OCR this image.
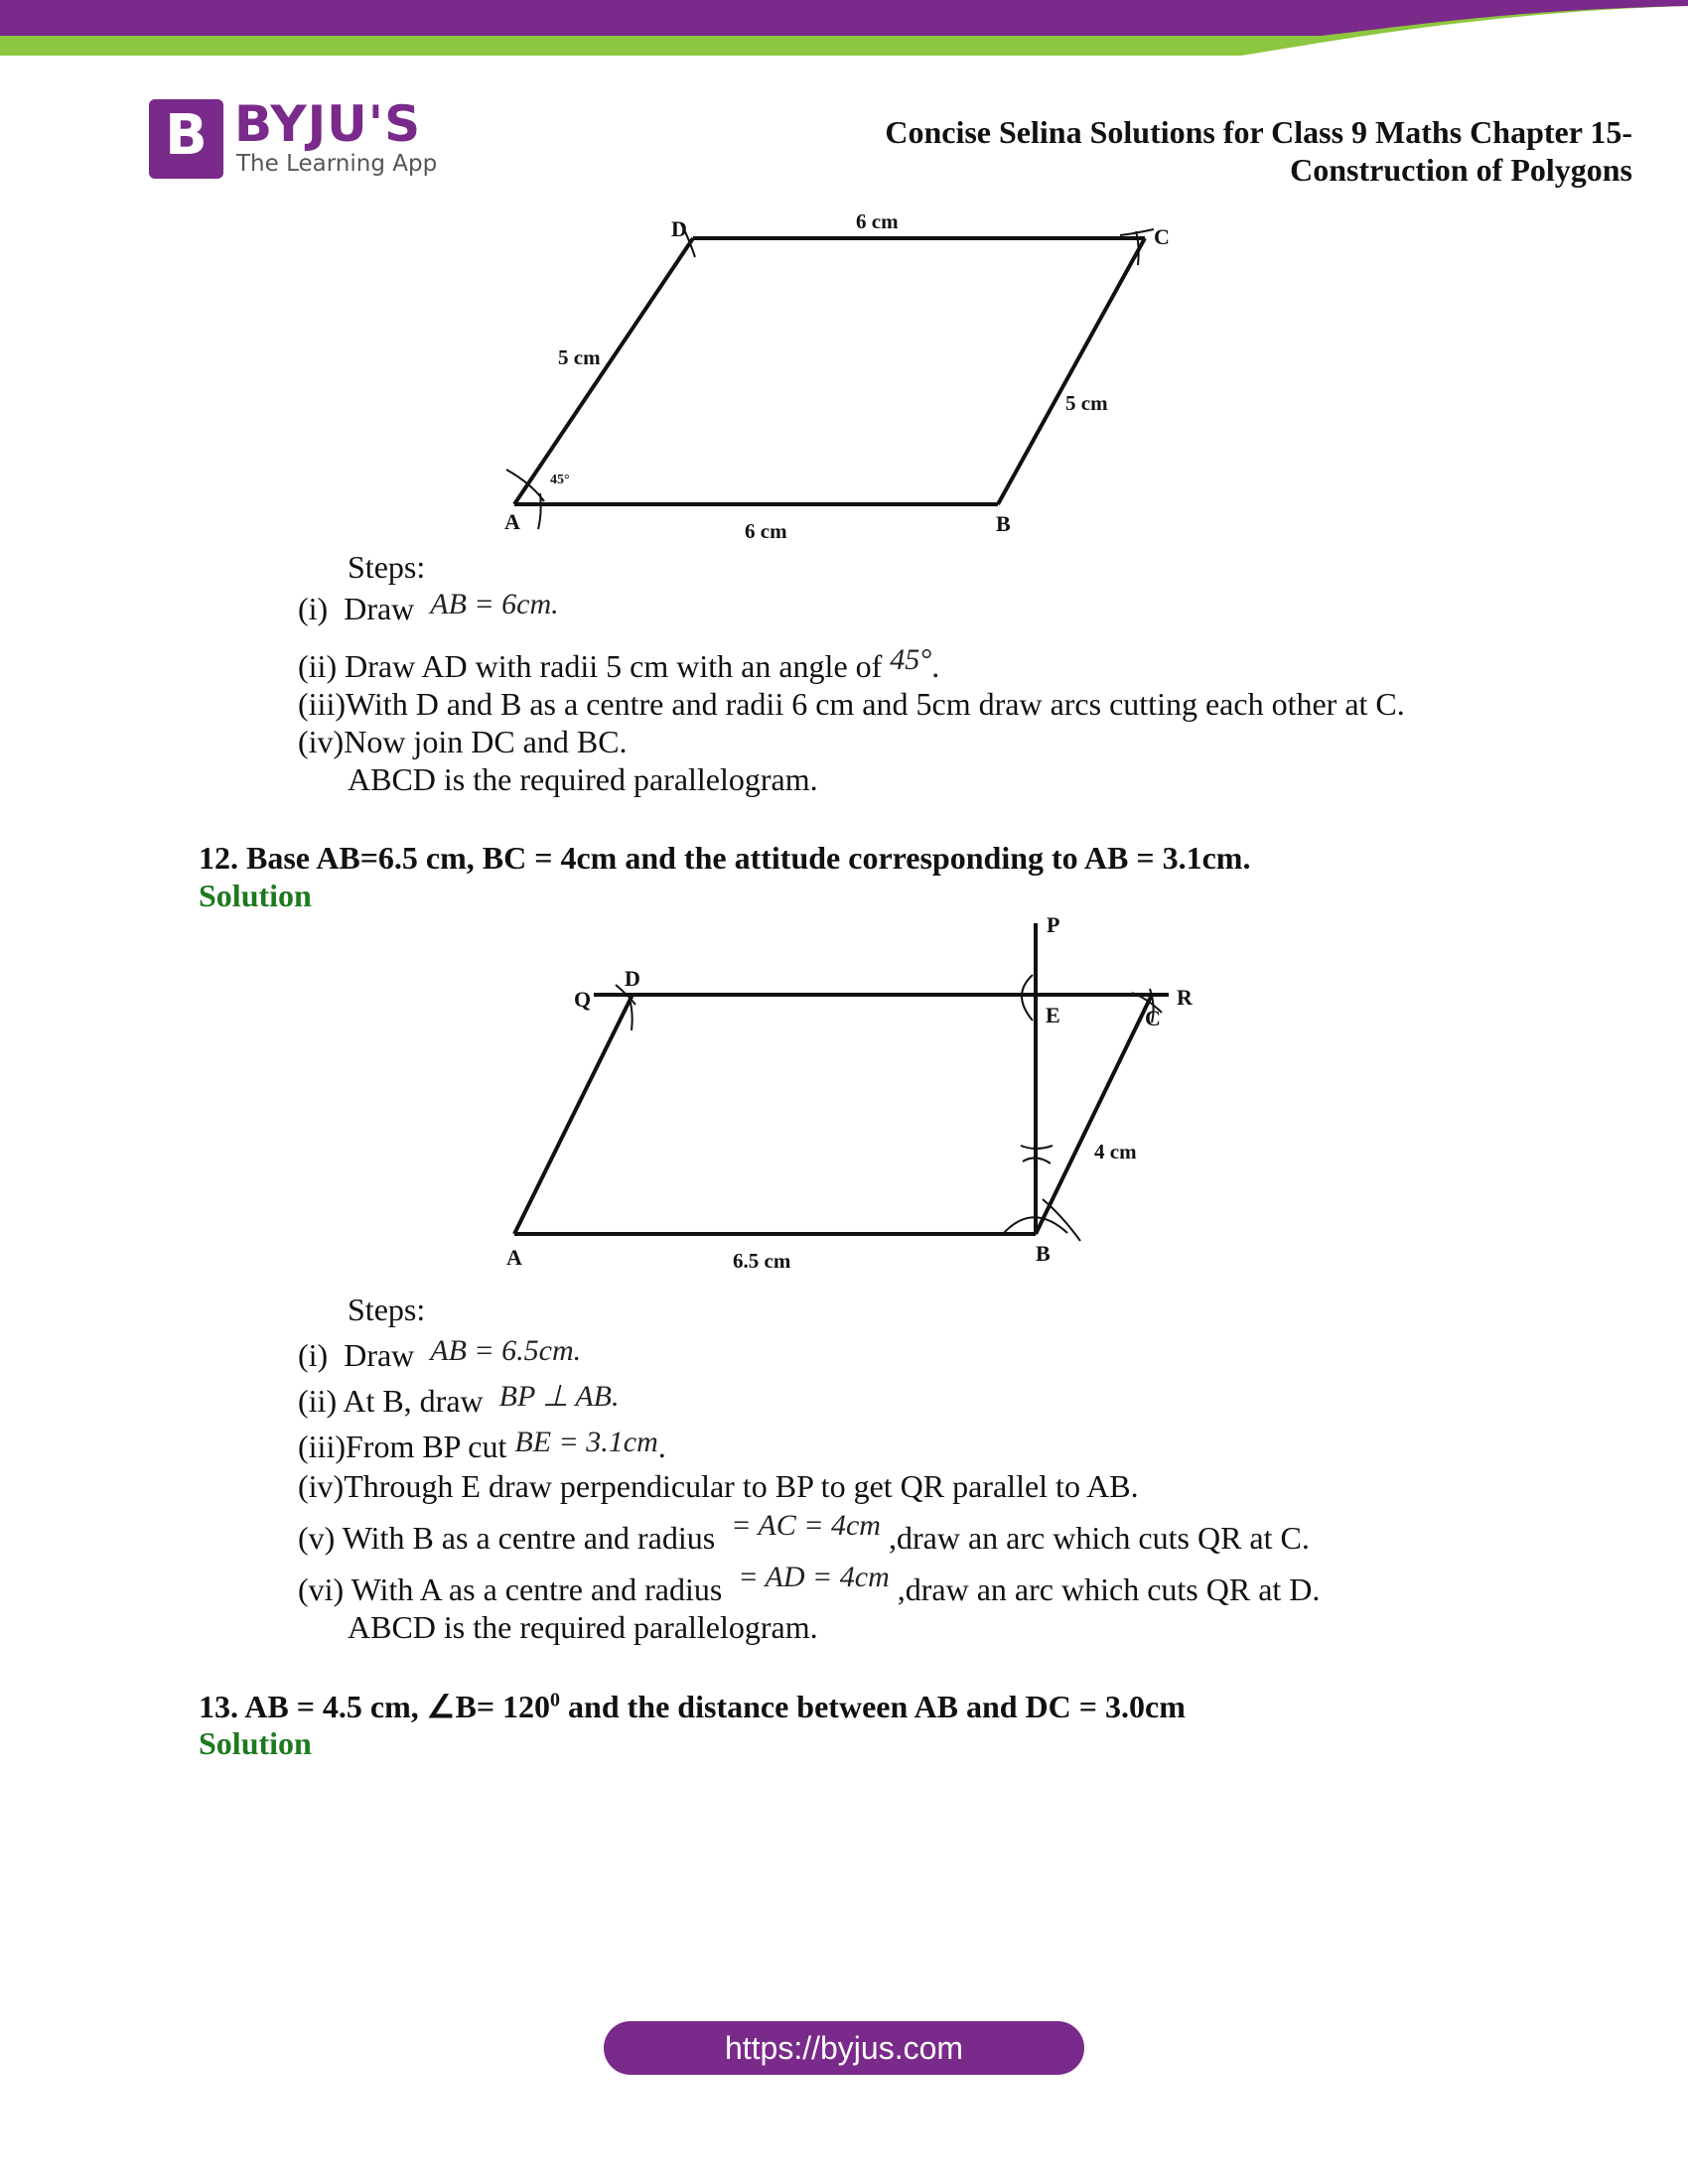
B BYJU'S
The Learning App
Concise Selina Solutions for Class 9 Maths Chapter 15-
Construction of Polygons
D	C
A	B
6 cm
5 cm
5 cm
6 cm
45°
Steps:
(i) Draw AB = 6cm.
(ii) Draw AD with radii 5 cm with an angle of 45°.
(iii)With D and B as a centre and radii 6 cm and 5cm draw arcs cutting each other at C.
(iv)Now join DC and BC.
ABCD is the required parallelogram.
12. Base AB=6.5 cm, BC = 4cm and the attitude corresponding to AB = 3.1cm.
Solution
P
Q
D
E
R
C
A	B
4 cm
6.5 cm
Steps:
(i) Draw AB = 6.5cm.
(ii) At B, draw BP ⊥ AB.
(iii)From BP cut BE = 3.1cm.
(iv)Through E draw perpendicular to BP to get QR parallel to AB.
(v) With B as a centre and radius = AC = 4cm ,draw an arc which cuts QR at C.
(vi) With A as a centre and radius = AD = 4cm ,draw an arc which cuts QR at D.
ABCD is the required parallelogram.
13. AB = 4.5 cm, ∠B= $120^0$ and the distance between AB and DC = 3.0cm
Solution
https://byjus.com
